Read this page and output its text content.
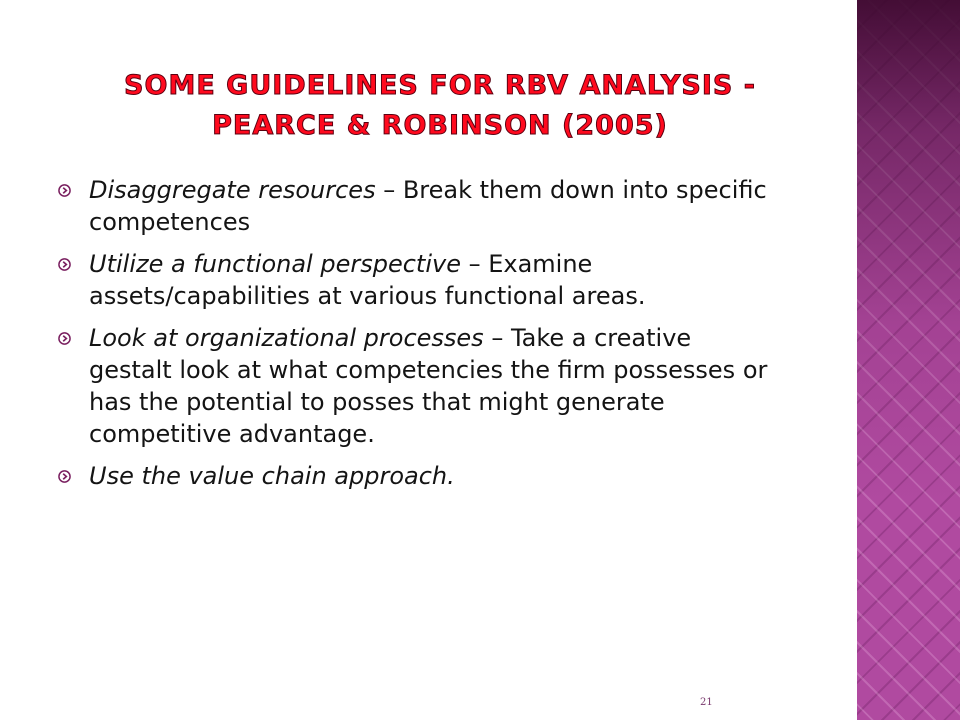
SOME GUIDELINES FOR RBV ANALYSIS -
PEARCE & ROBINSON (2005)
Disaggregate resources – Break them down into specific competences
Utilize a functional perspective – Examine assets/capabilities at various functional areas.
Look at organizational processes – Take a creative gestalt look at what competencies the firm possesses or has the potential to posses that might generate competitive advantage.
Use the value chain approach.
21
